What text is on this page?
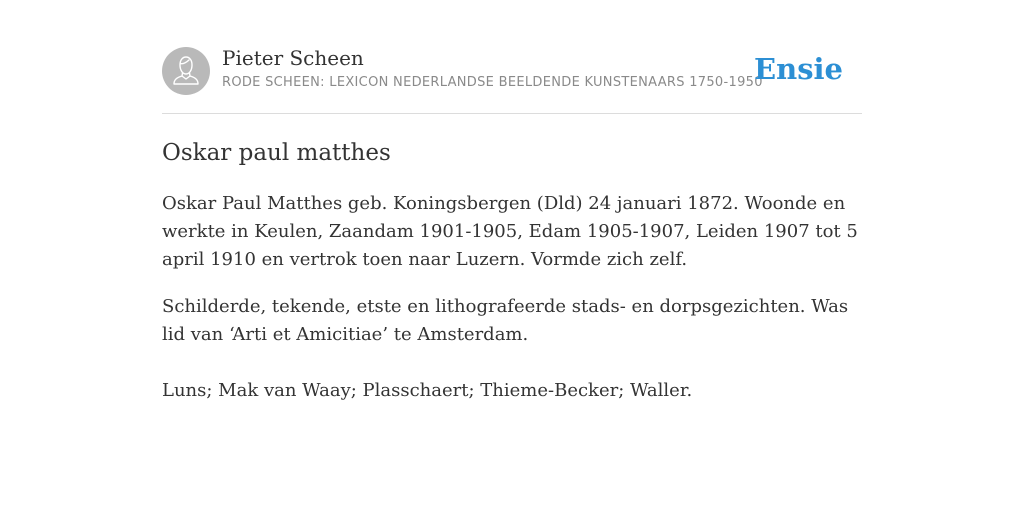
Pieter Scheen
RODE SCHEEN: LEXICON NEDERLANDSE BEELDENDE KUNSTENAARS 1750-1950
Ensie
Oskar paul matthes

Oskar Paul Matthes geb. Koningsbergen (Dld) 24 januari 1872. Woonde en werkte in Keulen, Zaandam 1901-1905, Edam 1905-1907, Leiden 1907 tot 5 april 1910 en vertrok toen naar Luzern. Vormde zich zelf.

Schilderde, tekende, etste en lithografeerde stads- en dorpsgezichten. Was lid van ‘Arti et Amicitiae’ te Amsterdam.

Luns; Mak van Waay; Plasschaert; Thieme-Becker; Waller.
